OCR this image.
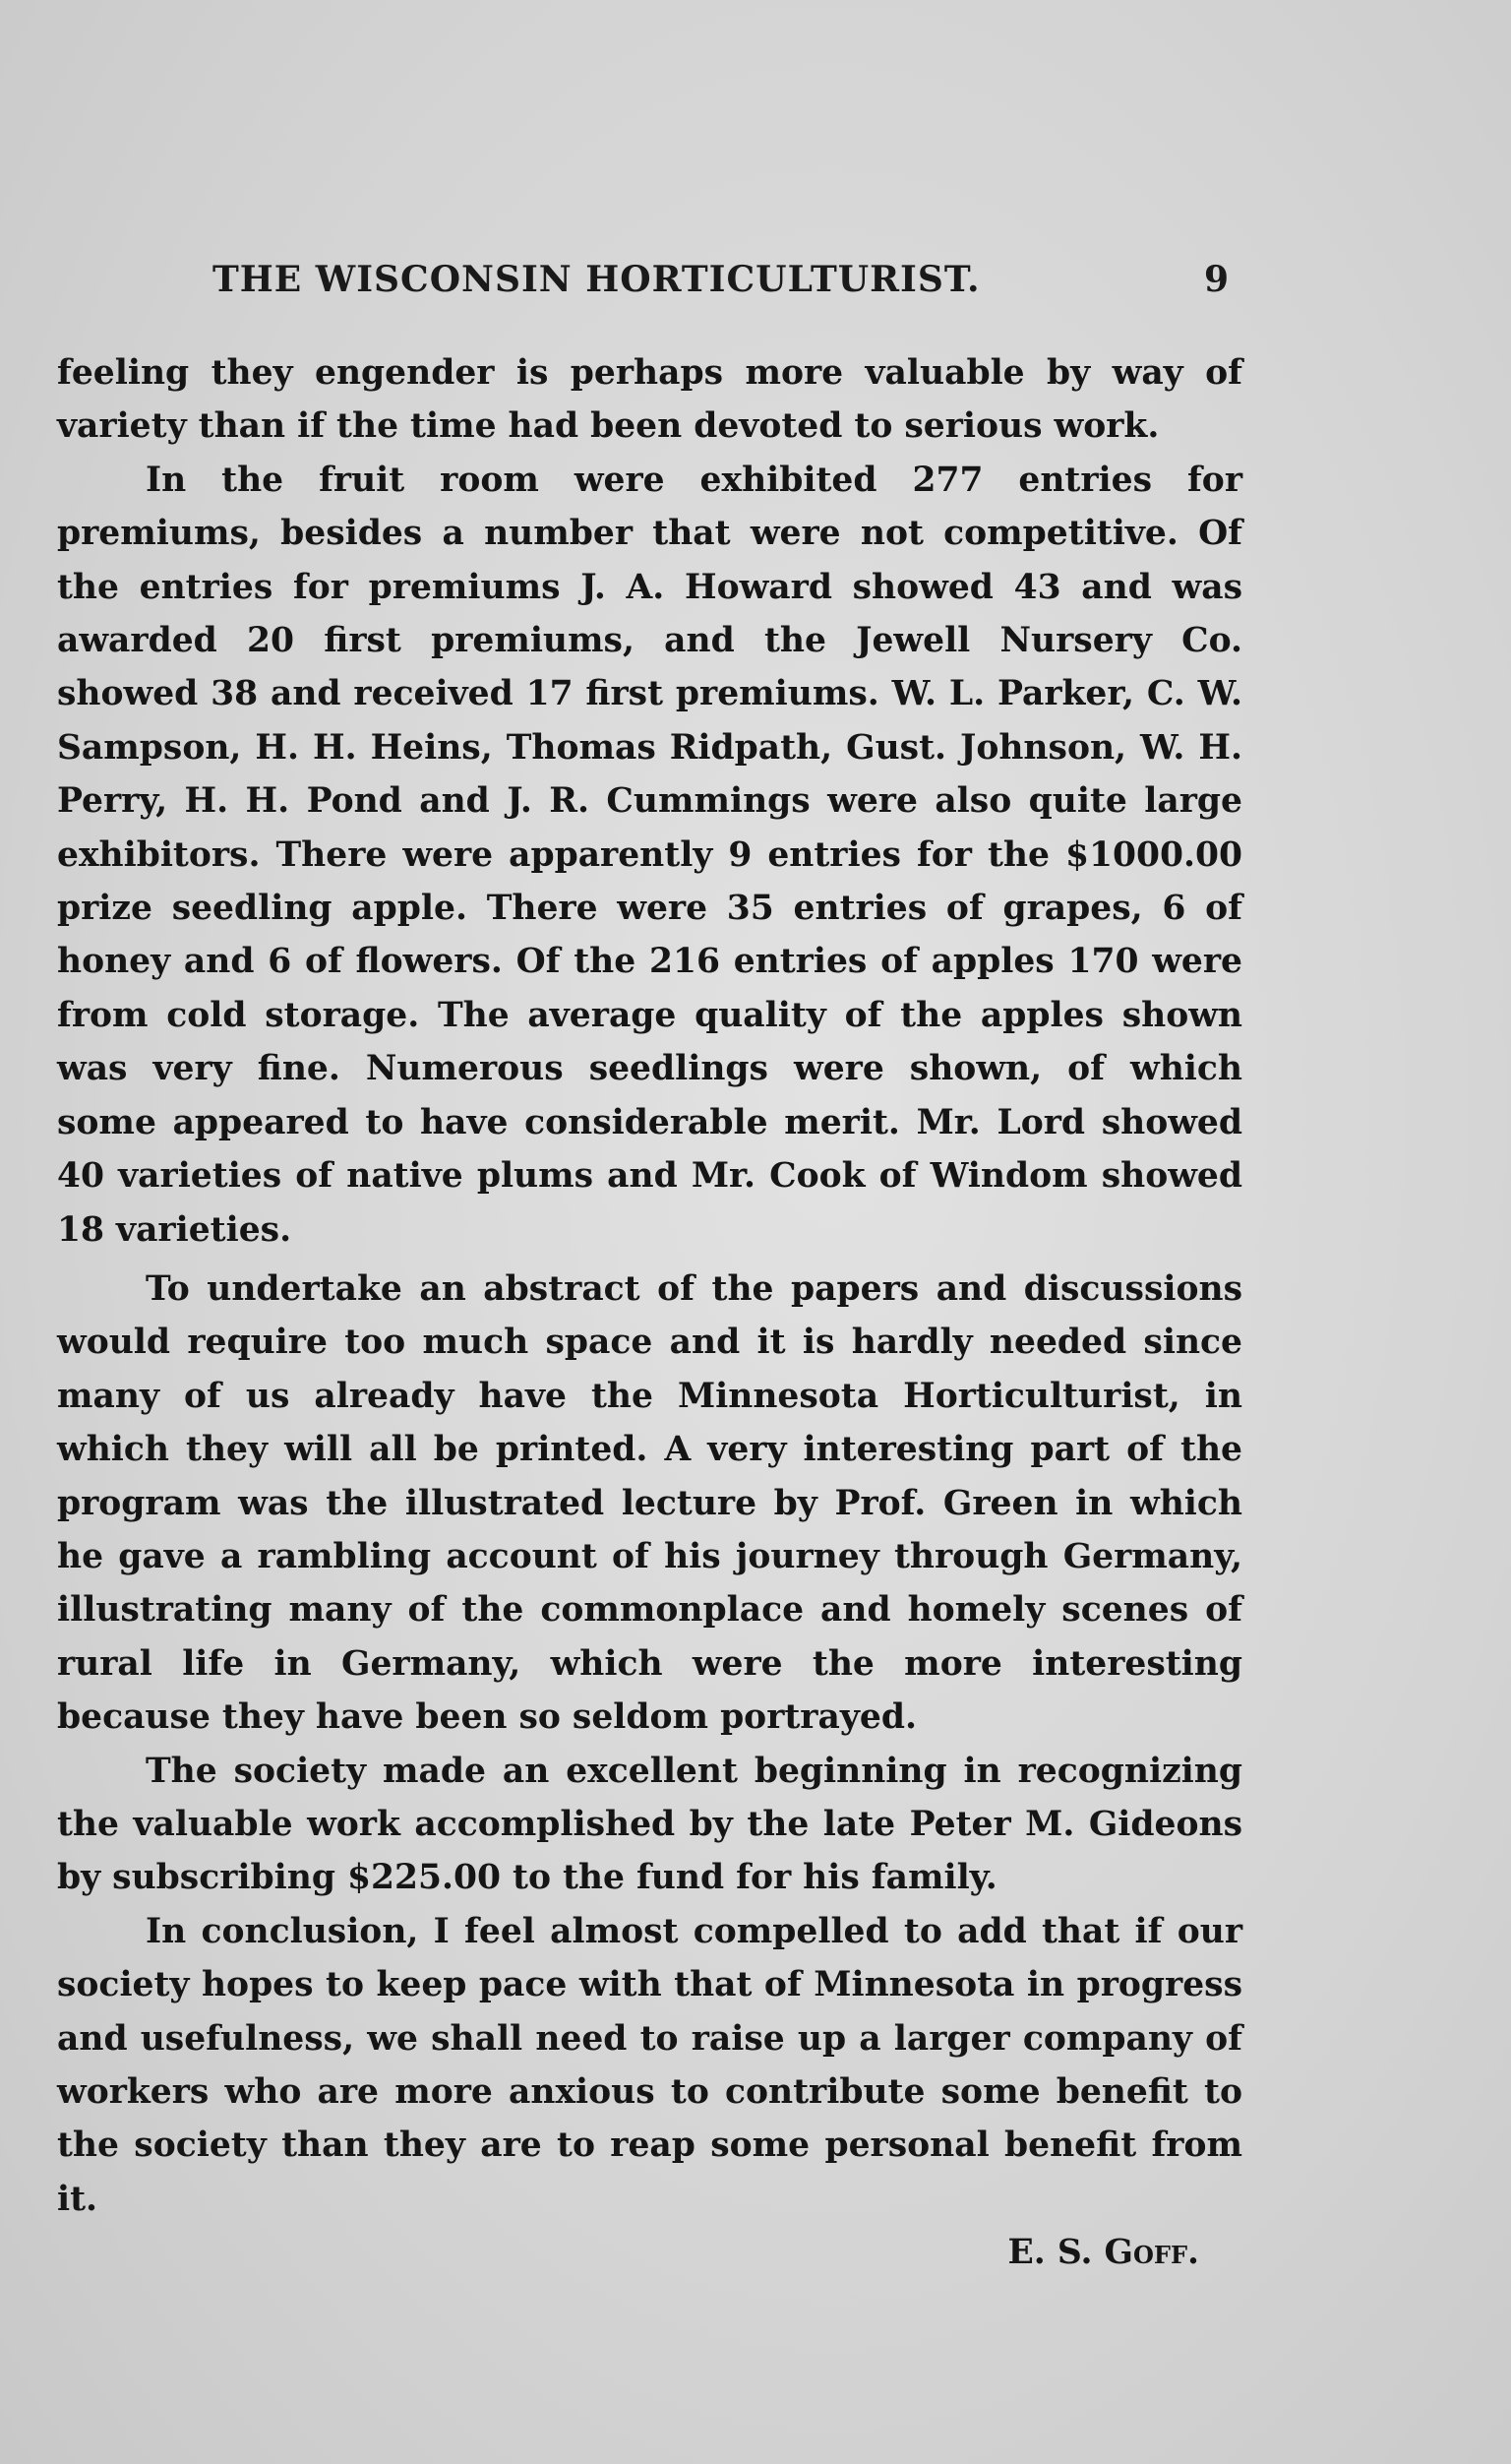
THE WISCONSIN HORTICULTURIST.	9

feeling they engender is perhaps more valuable by way of variety than if the time had been devoted to serious work.

In the fruit room were exhibited 277 entries for premiums, besides a number that were not competitive. Of the entries for premiums J. A. Howard showed 43 and was awarded 20 first premiums, and the Jewell Nursery Co. showed 38 and received 17 first premiums. W. L. Parker, C. W. Sampson, H. H. Heins, Thomas Ridpath, Gust. Johnson, W. H. Perry, H. H. Pond and J. R. Cummings were also quite large exhibitors. There were apparently 9 entries for the $1000.00 prize seedling apple. There were 35 entries of grapes, 6 of honey and 6 of flowers. Of the 216 entries of apples 170 were from cold storage. The average quality of the apples shown was very fine. Numerous seedlings were shown, of which some appeared to have considerable merit. Mr. Lord showed 40 varieties of native plums and Mr. Cook of Windom showed 18 varieties.

To undertake an abstract of the papers and discussions would require too much space and it is hardly needed since many of us already have the Minnesota Horticulturist, in which they will all be printed. A very interesting part of the program was the illustrated lecture by Prof. Green in which he gave a rambling account of his journey through Germany, illustrating many of the commonplace and homely scenes of rural life in Germany, which were the more interesting because they have been so seldom portrayed.

The society made an excellent beginning in recognizing the valuable work accomplished by the late Peter M. Gideons by subscribing $225.00 to the fund for his family.

In conclusion, I feel almost compelled to add that if our society hopes to keep pace with that of Minnesota in progress and usefulness, we shall need to raise up a larger company of workers who are more anxious to contribute some benefit to the society than they are to reap some personal benefit from it.

E. S. Goff.
